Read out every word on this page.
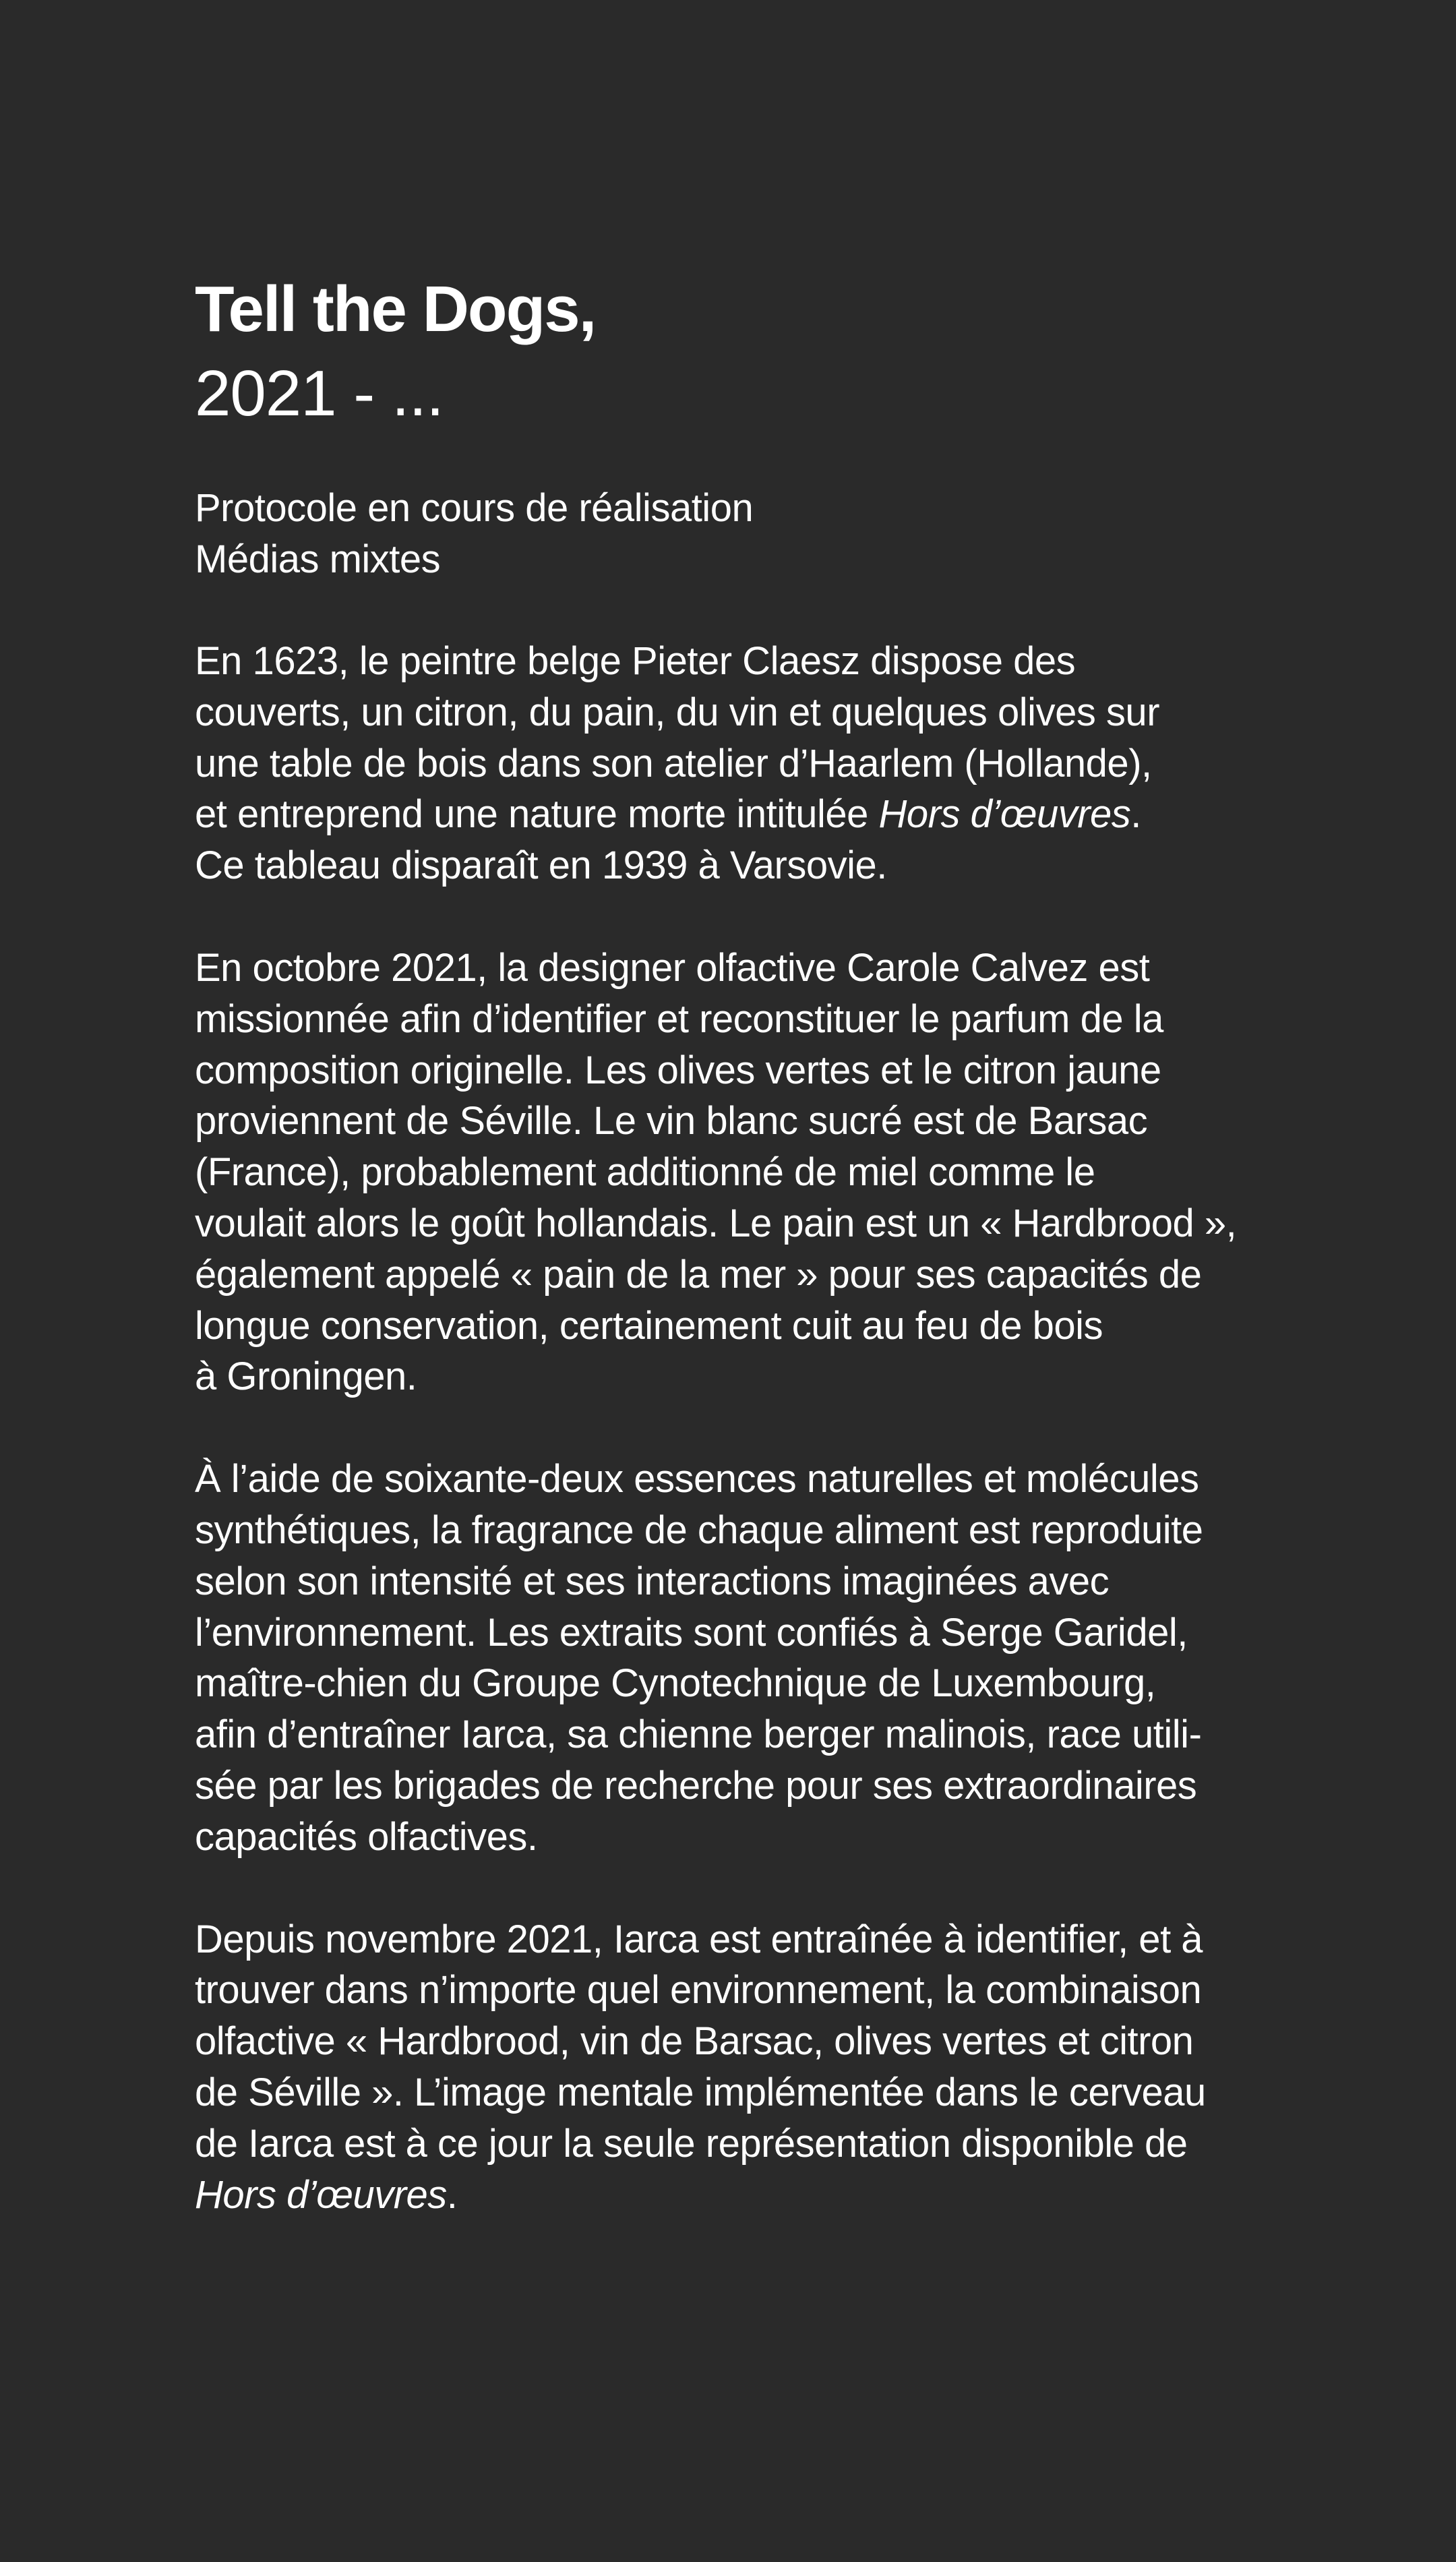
Tell the Dogs,
2021 - ...
Protocole en cours de réalisation
Médias mixtes
En 1623, le peintre belge Pieter Claesz dispose des
couverts, un citron, du pain, du vin et quelques olives sur
une table de bois dans son atelier d’Haarlem (Hollande),
et entreprend une nature morte intitulée Hors d’œuvres.
Ce tableau disparaît en 1939 à Varsovie.
En octobre 2021, la designer olfactive Carole Calvez est
missionnée afin d’identifier et reconstituer le parfum de la
composition originelle. Les olives vertes et le citron jaune
proviennent de Séville. Le vin blanc sucré est de Barsac
(France), probablement additionné de miel comme le
voulait alors le goût hollandais. Le pain est un « Hardbrood »,
également appelé « pain de la mer » pour ses capacités de
longue conservation, certainement cuit au feu de bois
à Groningen.
À l’aide de soixante-deux essences naturelles et molécules
synthétiques, la fragrance de chaque aliment est reproduite
selon son intensité et ses interactions imaginées avec
l’environnement. Les extraits sont confiés à Serge Garidel,
maître-chien du Groupe Cynotechnique de Luxembourg,
afin d’entraîner Iarca, sa chienne berger malinois, race utili-
sée par les brigades de recherche pour ses extraordinaires
capacités olfactives.
Depuis novembre 2021, Iarca est entraînée à identifier, et à
trouver dans n’importe quel environnement, la combinaison
olfactive « Hardbrood, vin de Barsac, olives vertes et citron
de Séville ». L’image mentale implémentée dans le cerveau
de Iarca est à ce jour la seule représentation disponible de
Hors d’œuvres.
